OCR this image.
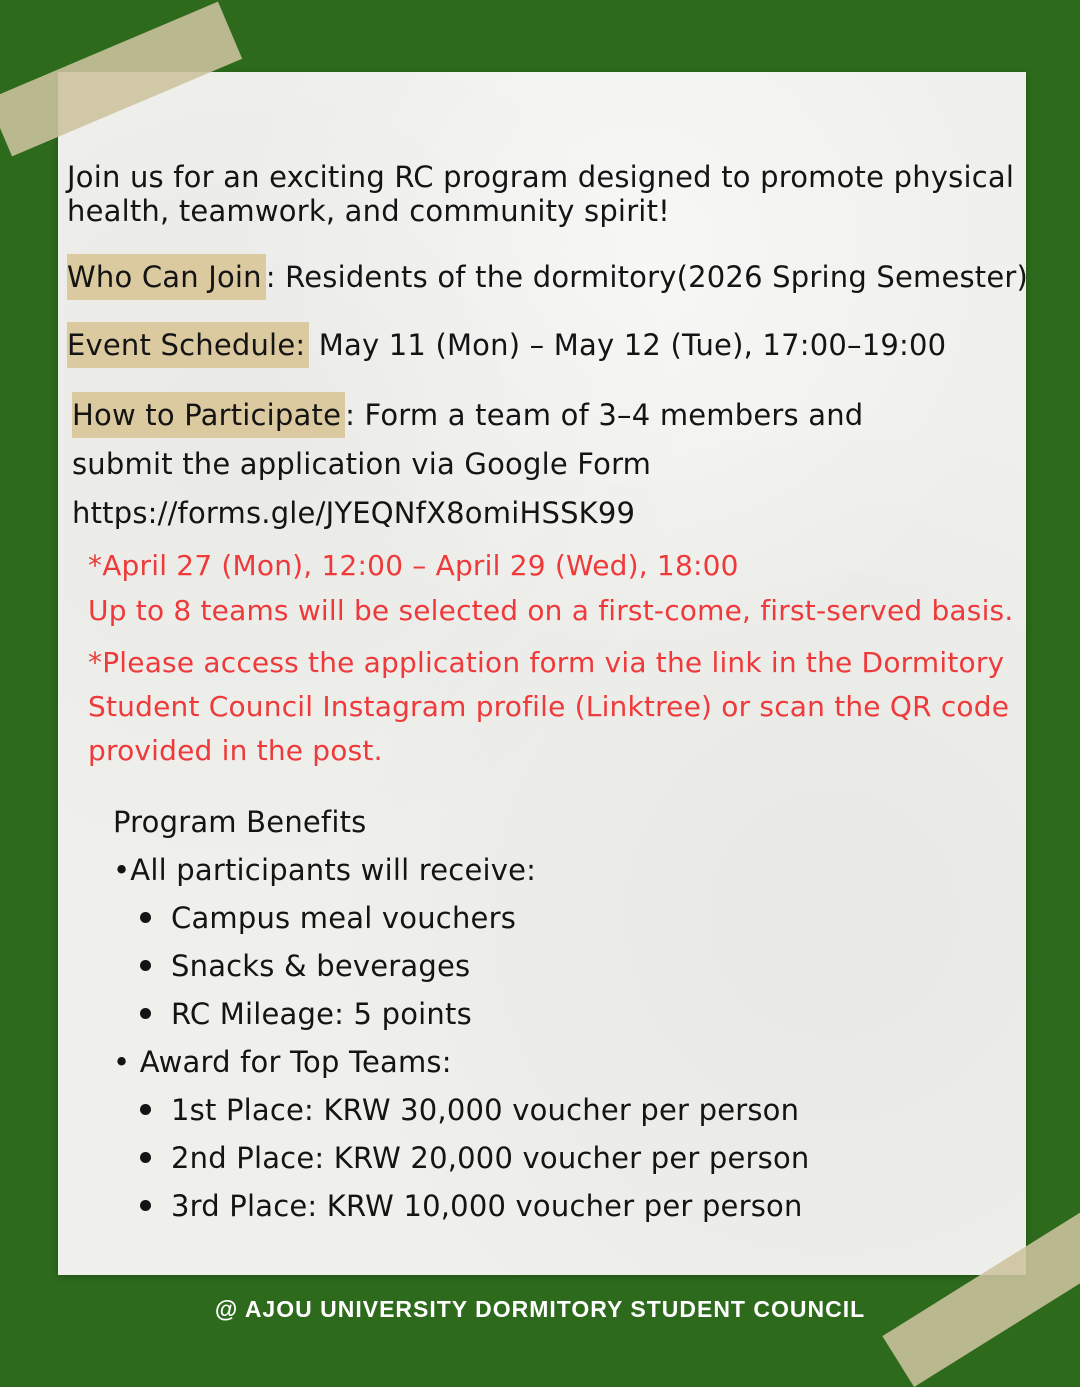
Join us for an exciting RC program designed to promote physical
health, teamwork, and community spirit!
Who Can Join : Residents of the dormitory(2026 Spring Semester)
Event Schedule: May 11 (Mon) – May 12 (Tue), 17:00–19:00
How to Participate : Form a team of 3–4 members and
submit the application via Google Form
https://forms.gle/JYEQNfX8omiHSSK99
*April 27 (Mon), 12:00 – April 29 (Wed), 18:00
Up to 8 teams will be selected on a first-come, first-served basis.
*Please access the application form via the link in the Dormitory
Student Council Instagram profile (Linktree) or scan the QR code
provided in the post.
Program Benefits
•All participants will receive:
Campus meal vouchers
Snacks & beverages
RC Mileage: 5 points
• Award for Top Teams:
1st Place: KRW 30,000 voucher per person
2nd Place: KRW 20,000 voucher per person
3rd Place: KRW 10,000 voucher per person
@ AJOU UNIVERSITY DORMITORY STUDENT COUNCIL
